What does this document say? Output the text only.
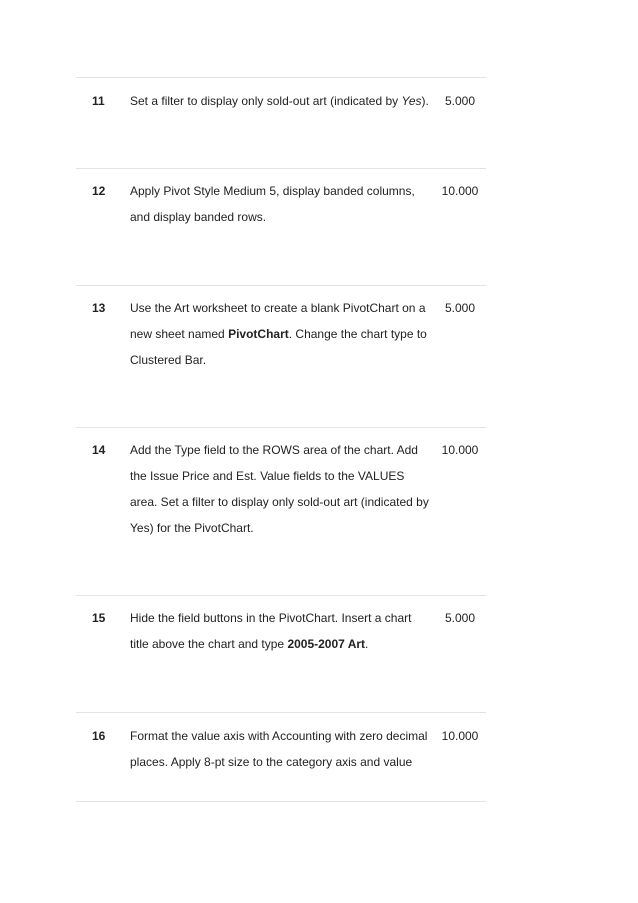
11 Set a filter to display only sold-out art (indicated by Yes).	5.000
12 Apply Pivot Style Medium 5, display banded columns,
and display banded rows.
10.000
13 Use the Art worksheet to create a blank PivotChart on a
new sheet named PivotChart. Change the chart type to
Clustered Bar.
5.000
14 Add the Type field to the ROWS area of the chart. Add
the Issue Price and Est. Value fields to the VALUES
area. Set a filter to display only sold-out art (indicated by
Yes) for the PivotChart.
10.000
15 Hide the field buttons in the PivotChart. Insert a chart
title above the chart and type 2005-2007 Art.
5.000
16 Format the value axis with Accounting with zero decimal
places. Apply 8-pt size to the category axis and value
10.000
